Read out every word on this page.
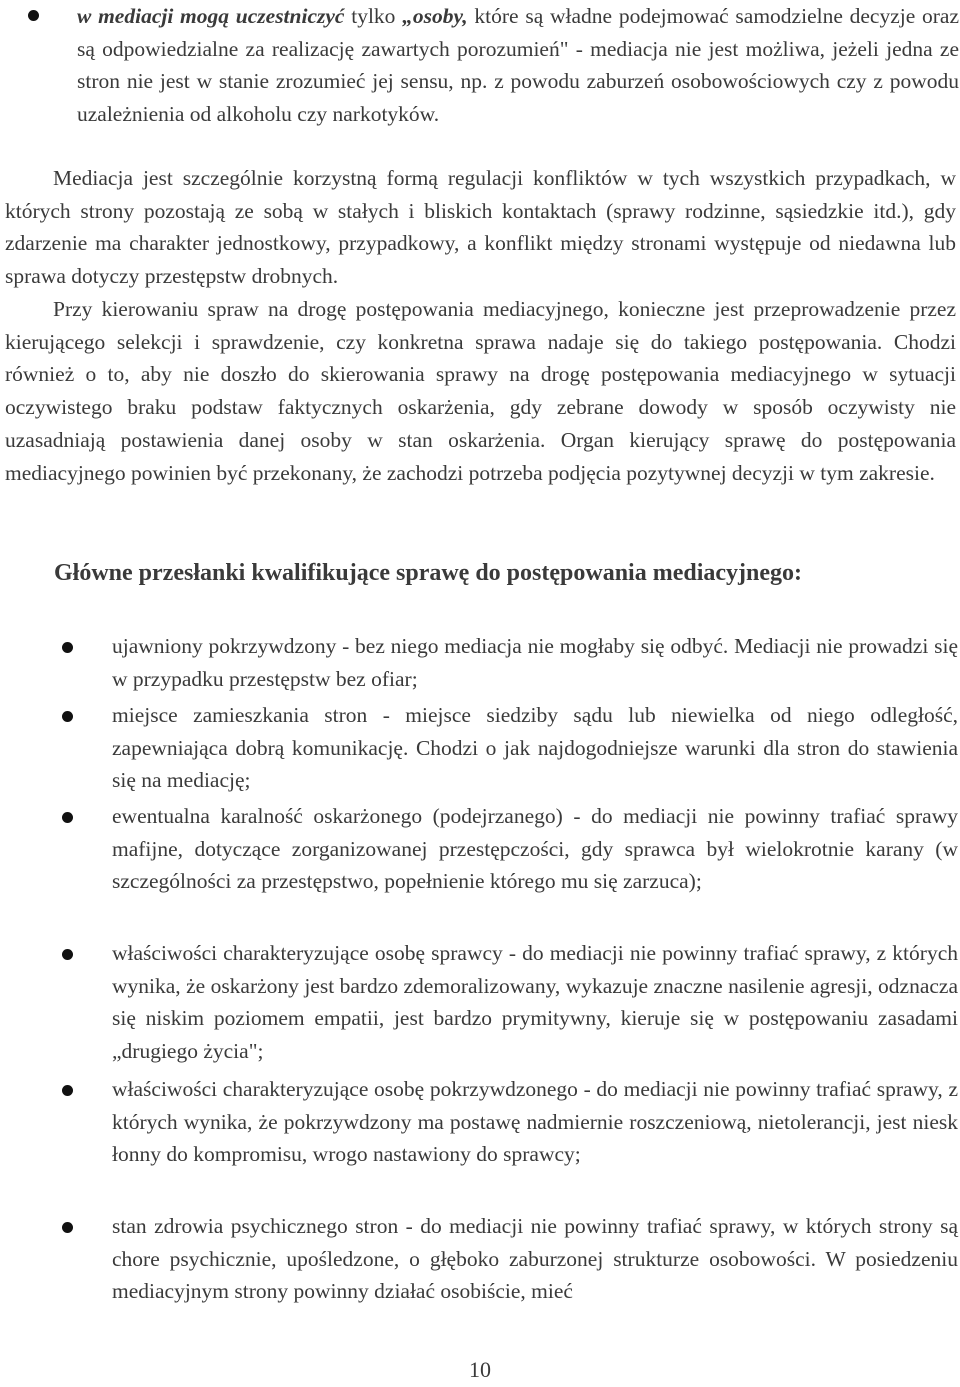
w mediacji mogą uczestniczyć tylko „osoby, które są władne podejmować samodzielne decyzje oraz są odpowiedzialne za realizację zawartych porozumień" - mediacja nie jest możliwa, jeżeli jedna ze stron nie jest w stanie zrozumieć jej sensu, np. z powodu zaburzeń osobowościowych czy z powodu uzależnienia od alkoholu czy narkotyków.

Mediacja jest szczególnie korzystną formą regulacji konfliktów w tych wszystkich przypadkach, w których strony pozostają ze sobą w stałych i bliskich kontaktach (sprawy rodzinne, sąsiedzkie itd.), gdy zdarzenie ma charakter jednostkowy, przypadkowy, a konflikt między stronami występuje od niedawna lub sprawa dotyczy przestępstw drobnych.

Przy kierowaniu spraw na drogę postępowania mediacyjnego, konieczne jest przeprowadzenie przez kierującego selekcji i sprawdzenie, czy konkretna sprawa nadaje się do takiego postępowania. Chodzi również o to, aby nie doszło do skierowania sprawy na drogę postępowania mediacyjnego w sytuacji oczywistego braku podstaw faktycznych oskarżenia, gdy zebrane dowody w sposób oczywisty nie uzasadniają postawienia danej osoby w stan oskarżenia. Organ kierujący sprawę do postępowania mediacyjnego powinien być przekonany, że zachodzi potrzeba podjęcia pozytywnej decyzji w tym zakresie.

Główne przesłanki kwalifikujące sprawę do postępowania mediacyjnego:

ujawniony pokrzywdzony - bez niego mediacja nie mogłaby się odbyć. Mediacji nie prowadzi się w przypadku przestępstw bez ofiar;

miejsce zamieszkania stron - miejsce siedziby sądu lub niewielka od niego odległość, zapewniająca dobrą komunikację. Chodzi o jak najdogodniejsze warunki dla stron do stawienia się na mediację;

ewentualna karalność oskarżonego (podejrzanego) - do mediacji nie powinny trafiać sprawy mafijne, dotyczące zorganizowanej przestępczości, gdy sprawca był wielokrotnie karany (w szczególności za przestępstwo, popełnienie którego mu się zarzuca);

właściwości charakteryzujące osobę sprawcy - do mediacji nie powinny trafiać sprawy, z których wynika, że oskarżony jest bardzo zdemoralizowany, wykazuje znaczne nasilenie agresji, odznacza się niskim poziomem empatii, jest bardzo prymitywny, kieruje się w postępowaniu zasadami „drugiego życia";

właściwości charakteryzujące osobę pokrzywdzonego - do mediacji nie powinny trafiać sprawy, z których wynika, że pokrzywdzony ma postawę nadmiernie roszczeniową, nietolerancji, jest niesk łonny do kompromisu, wrogo nastawiony do sprawcy;

stan zdrowia psychicznego stron - do mediacji nie powinny trafiać sprawy, w których strony są chore psychicznie, upośledzone, o głęboko zaburzonej strukturze osobowości. W posiedzeniu mediacyjnym strony powinny działać osobiście, mieć

10
